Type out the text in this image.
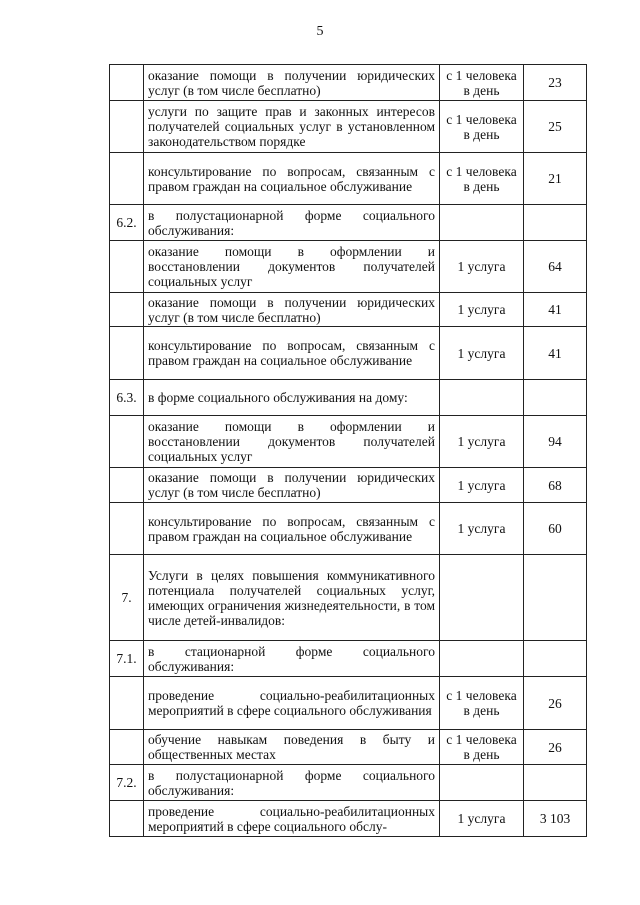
5
	оказание помощи в получении юридических услуг (в том числе бесплатно)	с 1 человека в день	23
	услуги по защите прав и законных интересов получателей социальных услуг в установленном законодательством порядке	с 1 человека в день	25
	консультирование по вопросам, связанным с правом граждан на социальное обслуживание	с 1 человека в день	21
6.2.	в полустационарной форме социального обслуживания:		
	оказание помощи в оформлении и восстановлении документов получателей социальных услуг	1 услуга	64
	оказание помощи в получении юридических услуг (в том числе бесплатно)	1 услуга	41
	консультирование по вопросам, связанным с правом граждан на социальное обслуживание	1 услуга	41
6.3.	в форме социального обслуживания на дому:		
	оказание помощи в оформлении и восстановлении документов получателей социальных услуг	1 услуга	94
	оказание помощи в получении юридических услуг (в том числе бесплатно)	1 услуга	68
	консультирование по вопросам, связанным с правом граждан на социальное обслуживание	1 услуга	60
7.	Услуги в целях повышения коммуникативного потенциала получателей социальных услуг, имеющих ограничения жизнедеятельности, в том числе детей-инвалидов:		
7.1.	в стационарной форме социального обслуживания:		
	проведение социально-реабилитационных мероприятий в сфере социального обслуживания	с 1 человека в день	26
	обучение навыкам поведения в быту и общественных местах	с 1 человека в день	26
7.2.	в полустационарной форме социального обслуживания:		
	проведение социально-реабилитационных мероприятий в сфере социального обслу-	1 услуга	3 103
